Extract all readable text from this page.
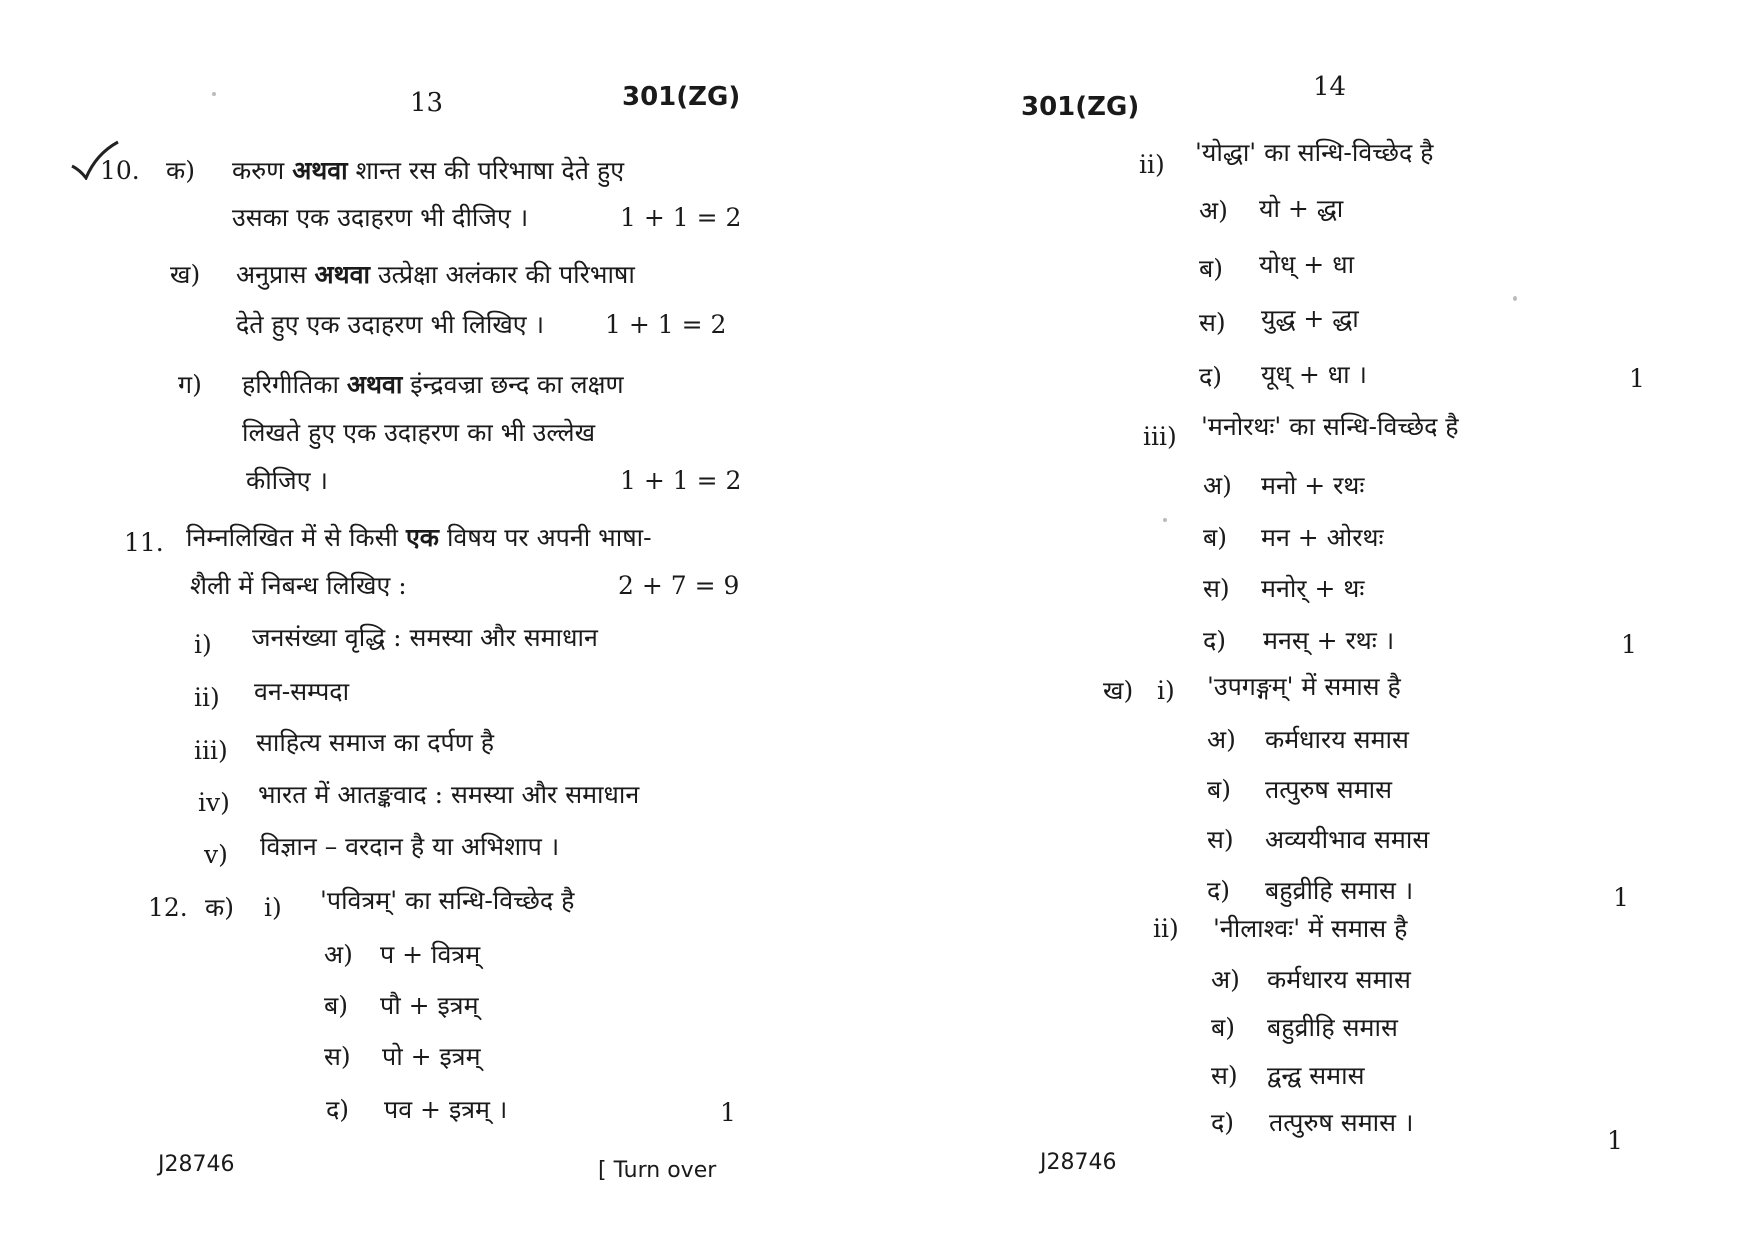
13	301(ZG)
10. क) करुण अथवा शान्त रस की परिभाषा देते हुए
उसका एक उदाहरण भी दीजिए ।	1 + 1 = 2
ख) अनुप्रास अथवा उत्प्रेक्षा अलंकार की परिभाषा
देते हुए एक उदाहरण भी लिखिए । 1 + 1 = 2
ग) हरिगीतिका अथवा इंन्द्रवज्रा छन्द का लक्षण
लिखते हुए एक उदाहरण का भी उल्लेख
कीजिए ।	1 + 1 = 2
11. निम्नलिखित में से किसी एक विषय पर अपनी भाषा-
शैली में निबन्ध लिखिए :	2 + 7 = 9
i) जनसंख्या वृद्धि : समस्या और समाधान
ii) वन-सम्पदा
iii) साहित्य समाज का दर्पण है
iv) भारत में आतङ्कवाद : समस्या और समाधान
v) विज्ञान – वरदान है या अभिशाप ।
12. क) i) 'पवित्रम्' का सन्धि-विच्छेद है
अ) प + वित्रम्
ब) पौ + इत्रम्
स) पो + इत्रम्
द) पव + इत्रम् ।	1
J28746	[ Turn over
14
301(ZG)
ii) 'योद्धा' का सन्धि-विच्छेद है
अ) यो + द्धा
ब) योध् + धा
स) युद्ध + द्धा
द) यूध् + धा ।	1
iii) 'मनोरथः' का सन्धि-विच्छेद है
अ) मनो + रथः
ब) मन + ओरथः
स) मनोर् + थः
द) मनस् + रथः ।	1
ख) i) 'उपगङ्गम्' में समास है
अ) कर्मधारय समास
ब) तत्पुरुष समास
स) अव्ययीभाव समास
द) बहुव्रीहि समास ।	1
ii) 'नीलाश्वः' में समास है
अ) कर्मधारय समास
ब) बहुव्रीहि समास
स) द्वन्द्व समास
द) तत्पुरुष समास ।
1
J28746
